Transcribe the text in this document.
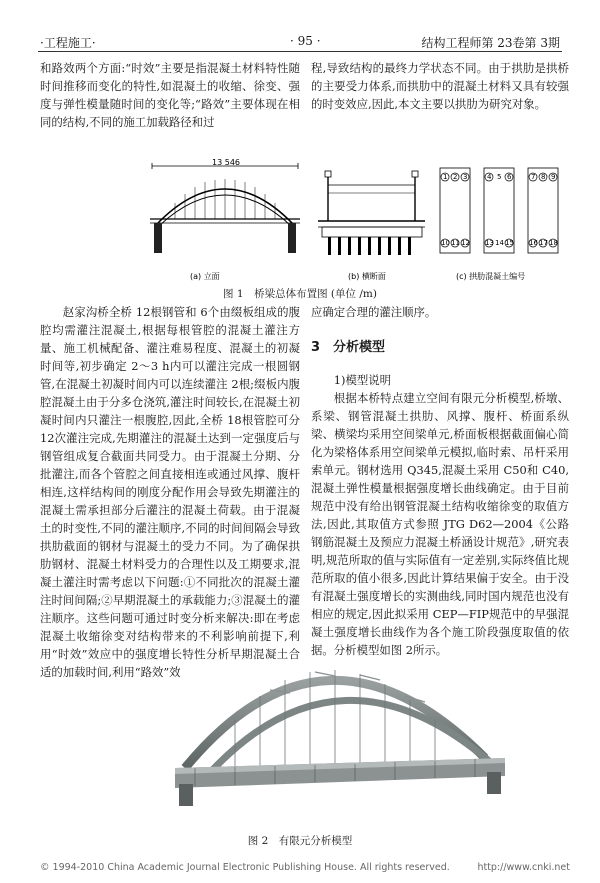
·工程施工·	· 95 ·	结构工程师第 23卷第 3期

和路效两个方面:“时效”主要是指混凝土材料特性随时间推移而变化的特性,如混凝土的收缩、徐变、强度与弹性模量随时间的变化等;“路效”主要体现在相同的结构,不同的施工加载路径和过

程,导致结构的最终力学状态不同。由于拱肋是拱桥的主要受力体系,而拱肋中的混凝土材料又具有较强的时变效应,因此,本文主要以拱肋为研究对象。

13 546
(a) 立面	(b) 横断面
1 2 3	4 5 6	7 8 9
10 11 12 13 14 15 16 17 18
(c) 拱肋混凝土编号
图 1　桥梁总体布置图 (单位 /m)

赵家沟桥全桥 12根钢管和 6个由缀板组成的腹腔均需灌注混凝土,根据每根管腔的混凝土灌注方量、施工机械配备、灌注难易程度、混凝土的初凝时间等,初步确定 2～3 h内可以灌注完成一根圆钢管,在混凝土初凝时间内可以连续灌注 2根;缀板内腹腔混凝土由于分多仓浇筑,灌注时间较长,在混凝土初凝时间内只灌注一根腹腔,因此,全桥 18根管腔可分 12次灌注完成,先期灌注的混凝土达到一定强度后与钢管组成复合截面共同受力。由于混凝土分期、分批灌注,而各个管腔之间直接相连或通过风撑、腹杆相连,这样结构间的刚度分配作用会导致先期灌注的混凝土需承担部分后灌注的混凝土荷载。由于混凝土的时变性,不同的灌注顺序,不同的时间间隔会导致拱肋截面的钢材与混凝土的受力不同。为了确保拱肋钢材、混凝土材料受力的合理性以及工期要求,混凝土灌注时需考虑以下问题:①不同批次的混凝土灌注时间间隔;②早期混凝土的承载能力;③混凝土的灌注顺序。这些问题可通过时变分析来解决:即在考虑混凝土收缩徐变对结构带来的不利影响前提下,利用“时效”效应中的强度增长特性分析早期混凝土合适的加载时间,利用“路效”效

应确定合理的灌注顺序。

3　分析模型

1)模型说明

根据本桥特点建立空间有限元分析模型,桥墩、系梁、钢管混凝土拱肋、风撑、腹杆、桥面系纵梁、横梁均采用空间梁单元,桥面板根据截面偏心简化为梁格体系用空间梁单元模拟,临时索、吊杆采用索单元。钢材选用 Q345,混凝土采用 C50和 C40,混凝土弹性模量根据强度增长曲线确定。由于目前规范中没有给出钢管混凝土结构收缩徐变的取值方法,因此,其取值方式参照 JTG D62—2004《公路钢筋混凝土及预应力混凝土桥涵设计规范》,研究表明,规范所取的值与实际值有一定差别,实际终值比规范所取的值小很多,因此计算结果偏于安全。由于没有混凝土强度增长的实测曲线,同时国内规范也没有相应的规定,因此拟采用 CEP—FIP规范中的早强混凝土强度增长曲线作为各个施工阶段强度取值的依据。分析模型如图 2所示。

图 2　有限元分析模型
© 1994-2010 China Academic Journal Electronic Publishing House. All rights reserved.	http://www.cnki.net
